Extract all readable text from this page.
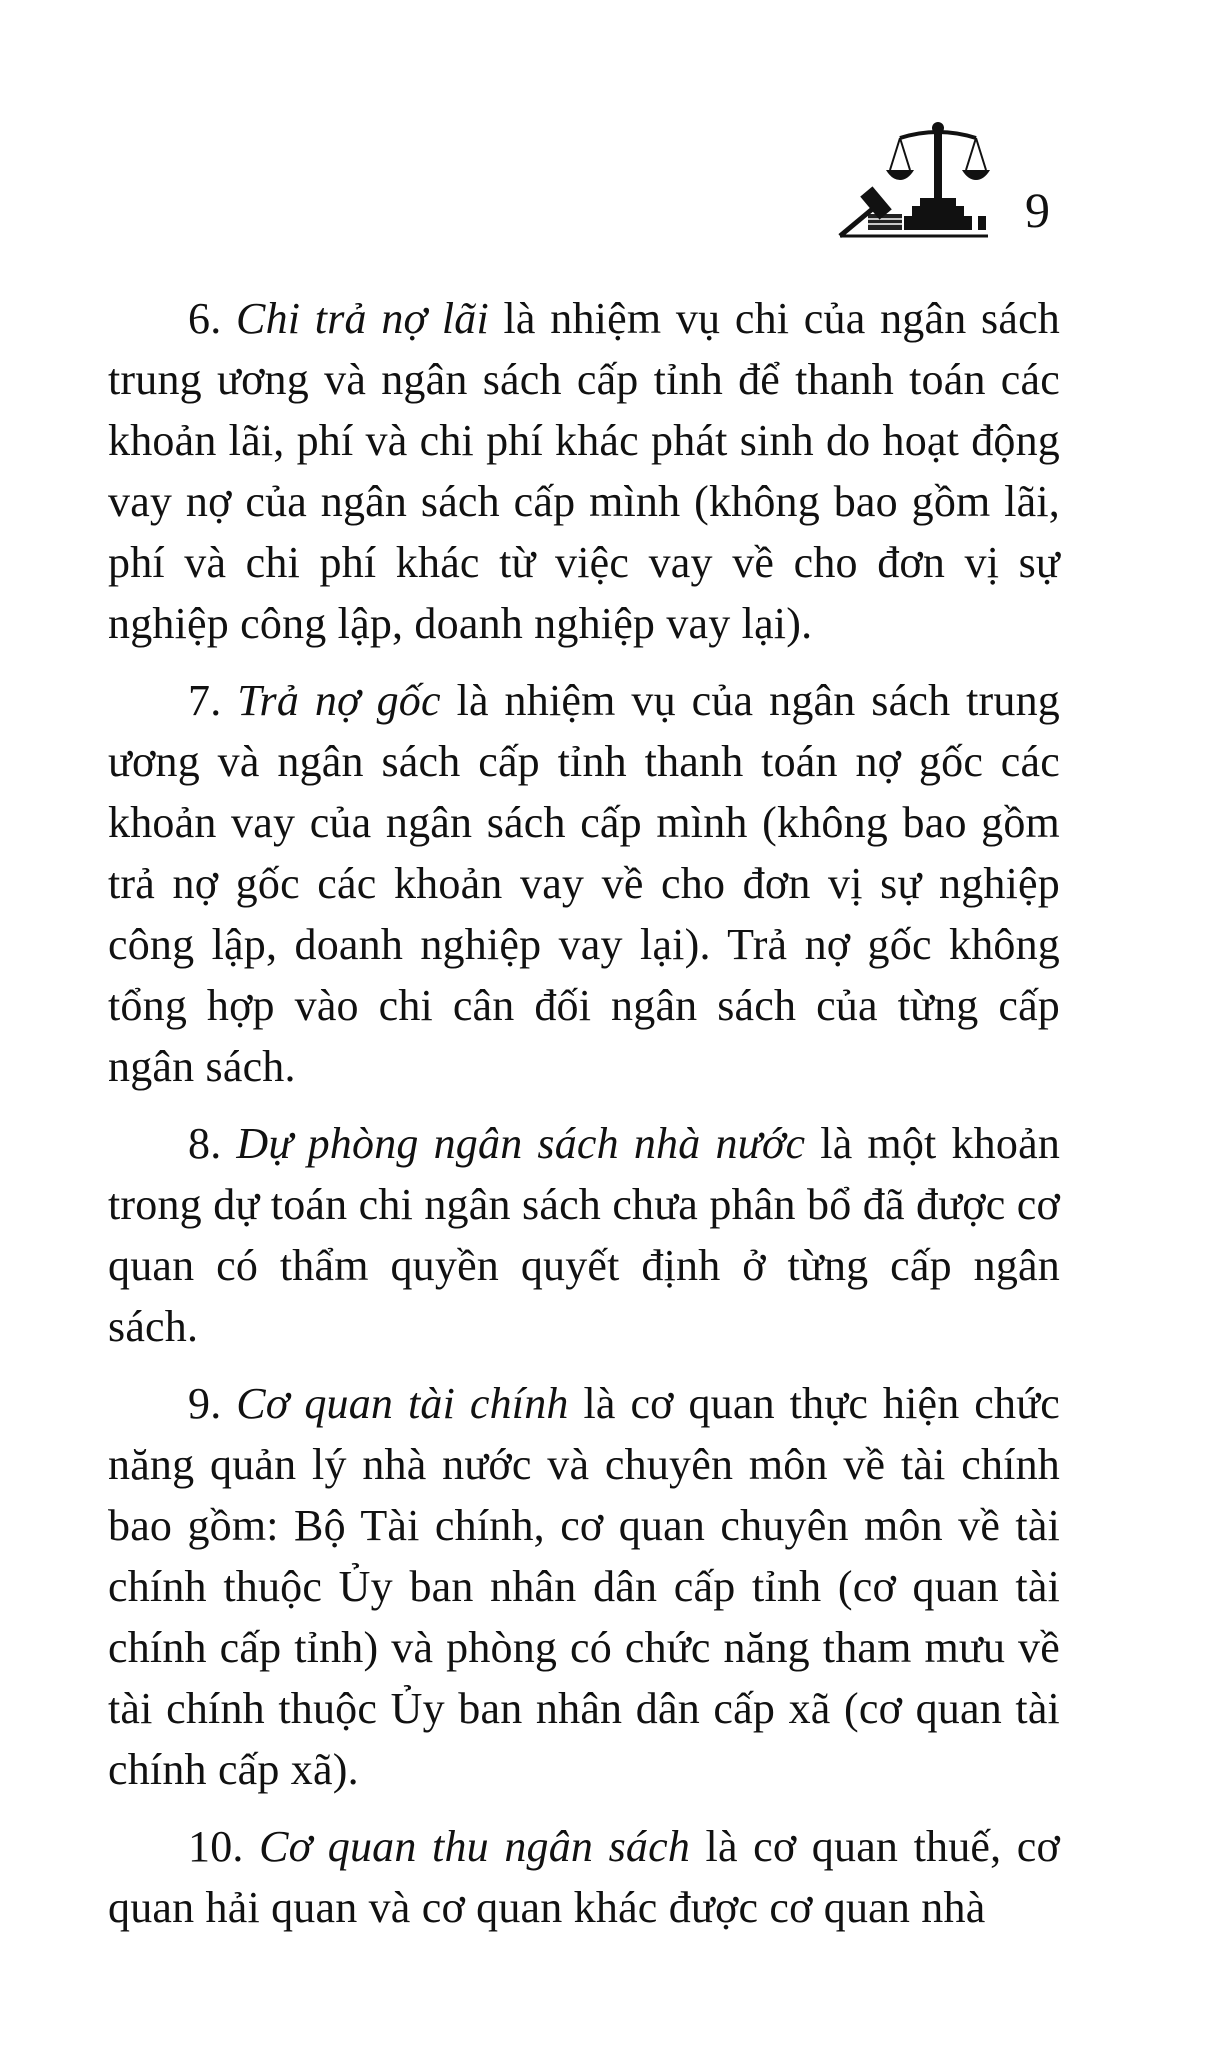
9

6. Chi trả nợ lãi là nhiệm vụ chi của ngân sách trung ương và ngân sách cấp tỉnh để thanh toán các khoản lãi, phí và chi phí khác phát sinh do hoạt động vay nợ của ngân sách cấp mình (không bao gồm lãi, phí và chi phí khác từ việc vay về cho đơn vị sự nghiệp công lập, doanh nghiệp vay lại).

7. Trả nợ gốc là nhiệm vụ của ngân sách trung ương và ngân sách cấp tỉnh thanh toán nợ gốc các khoản vay của ngân sách cấp mình (không bao gồm trả nợ gốc các khoản vay về cho đơn vị sự nghiệp công lập, doanh nghiệp vay lại). Trả nợ gốc không tổng hợp vào chi cân đối ngân sách của từng cấp ngân sách.

8. Dự phòng ngân sách nhà nước là một khoản trong dự toán chi ngân sách chưa phân bổ đã được cơ quan có thẩm quyền quyết định ở từng cấp ngân sách.

9. Cơ quan tài chính là cơ quan thực hiện chức năng quản lý nhà nước và chuyên môn về tài chính bao gồm: Bộ Tài chính, cơ quan chuyên môn về tài chính thuộc Ủy ban nhân dân cấp tỉnh (cơ quan tài chính cấp tỉnh) và phòng có chức năng tham mưu về tài chính thuộc Ủy ban nhân dân cấp xã (cơ quan tài chính cấp xã).

10. Cơ quan thu ngân sách là cơ quan thuế, cơ quan hải quan và cơ quan khác được cơ quan nhà
